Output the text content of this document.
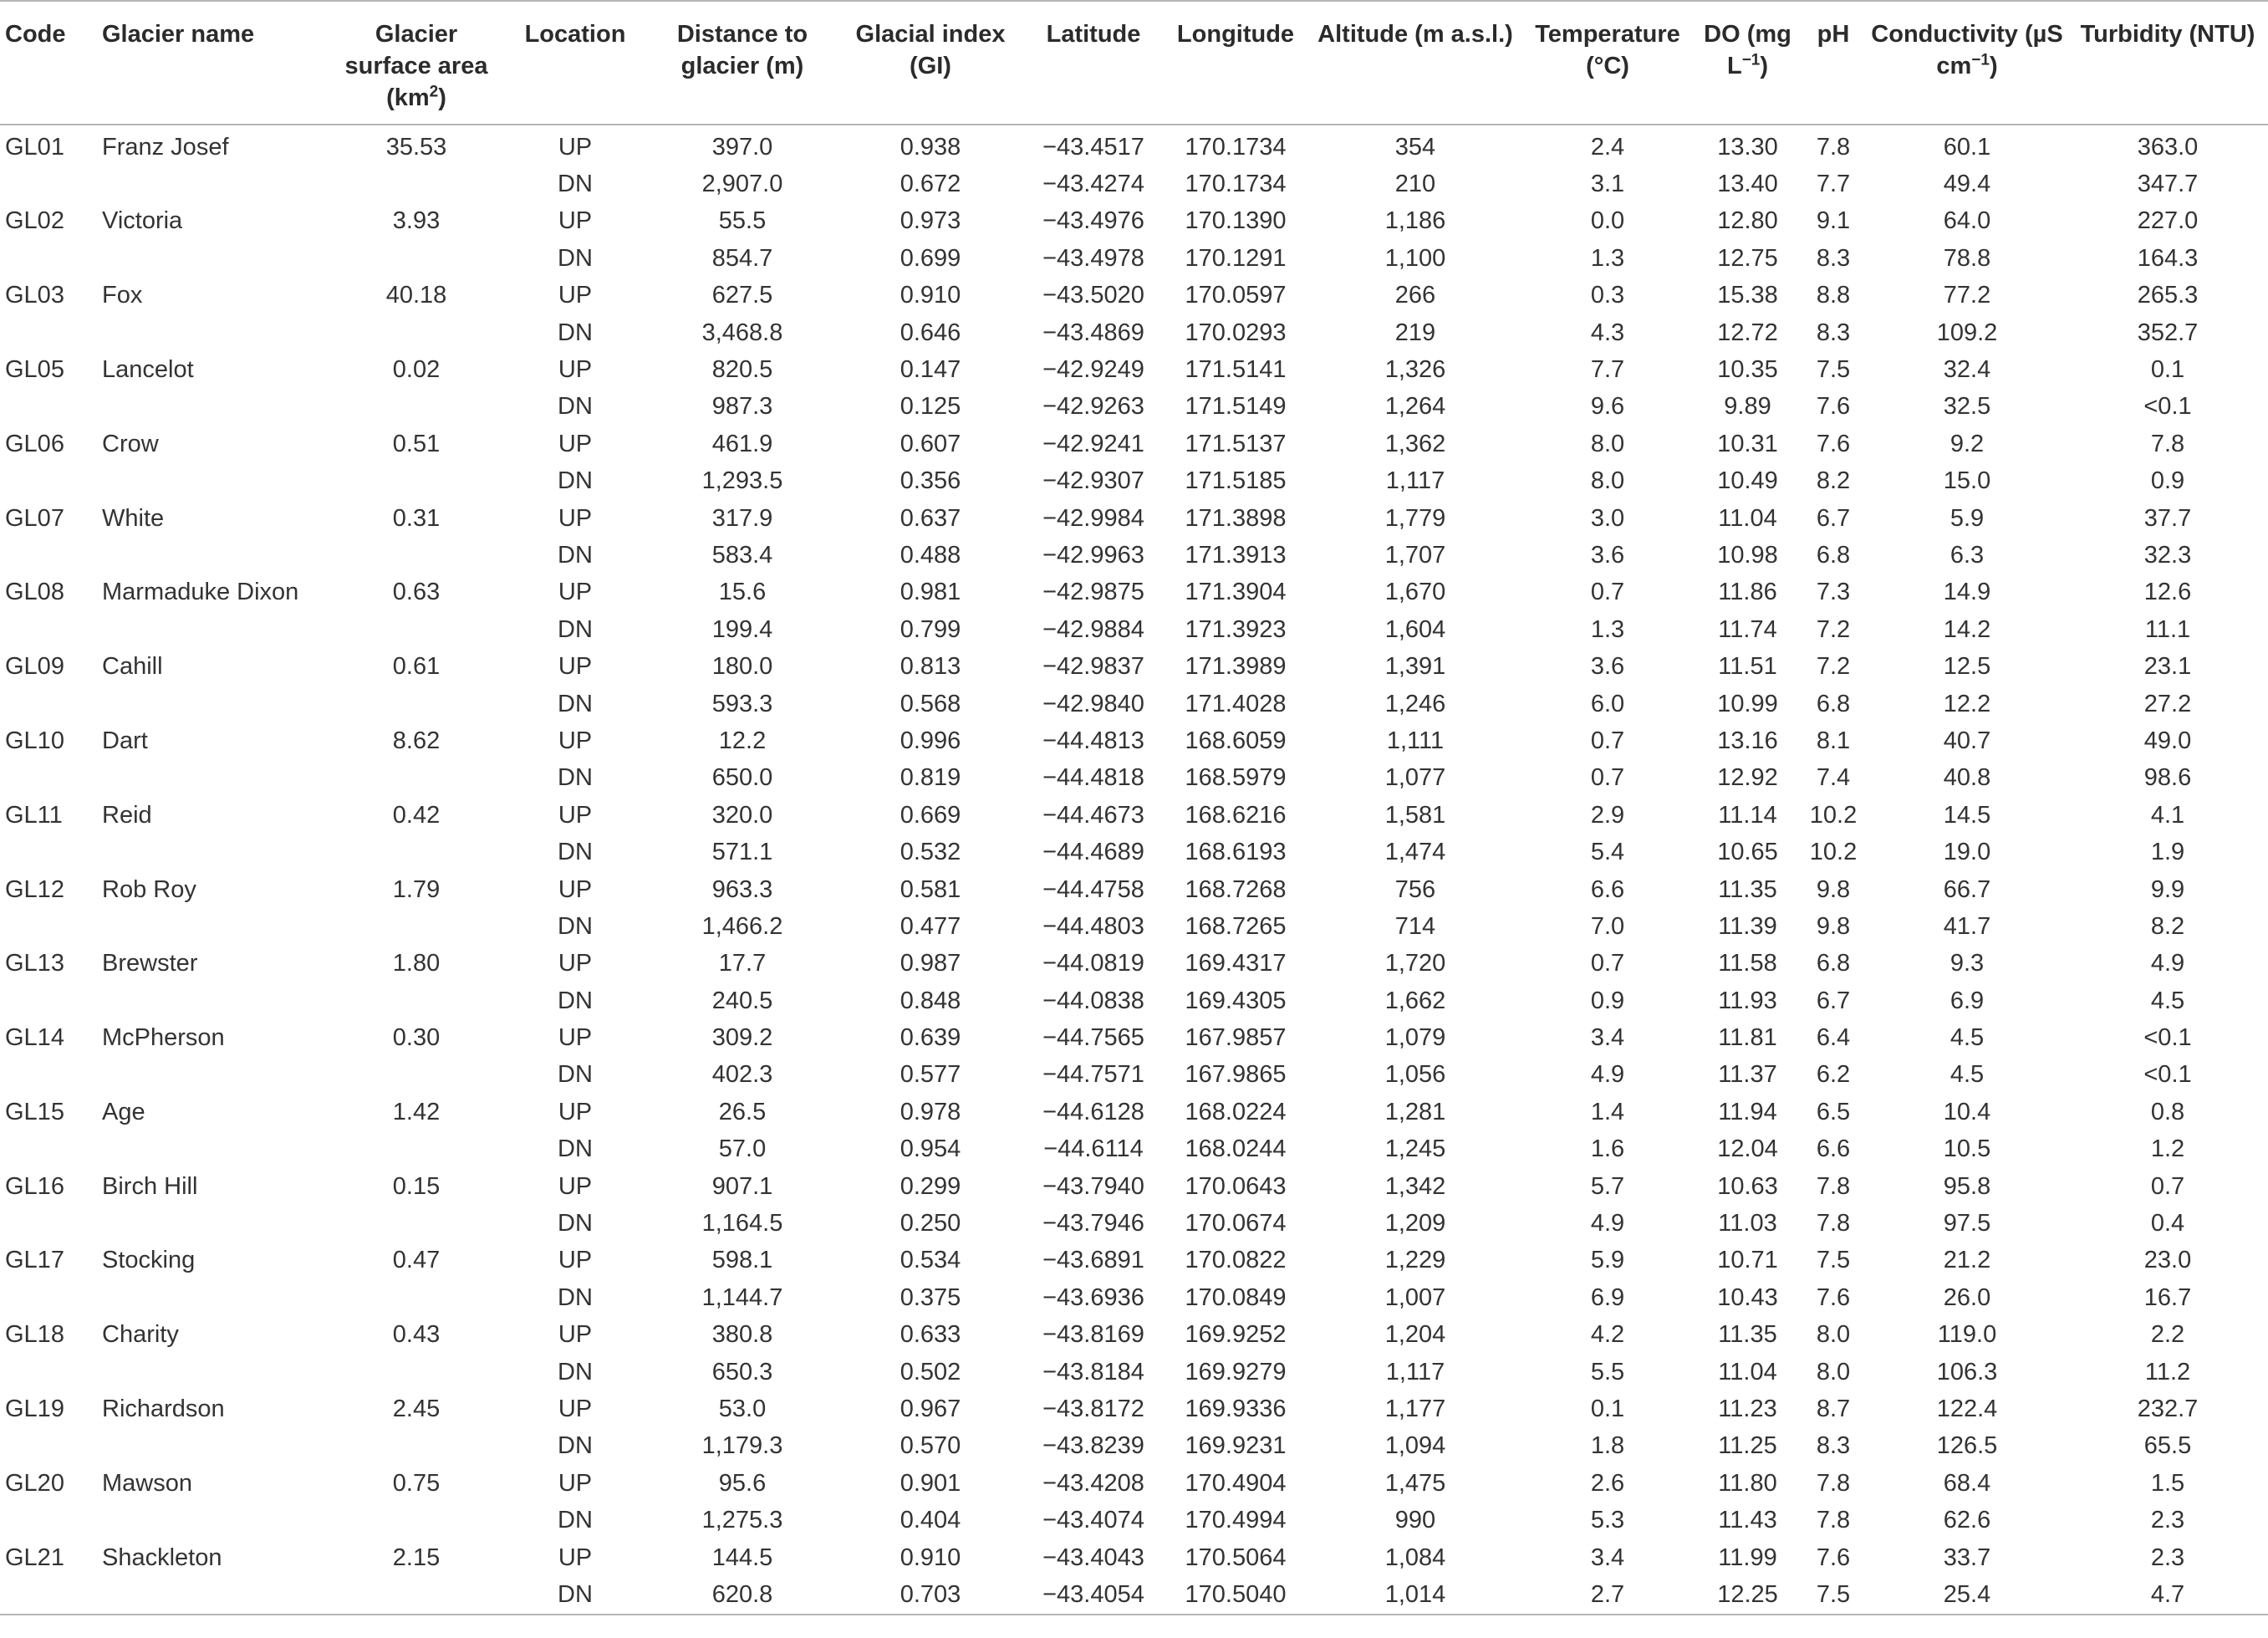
Code	Glacier name	Glacier surface area $(km^2)$	Location	Distance to glacier (m)	Glacial index (GI)	Latitude	Longitude	Altitude (m a.s.l.)	Temperature (°C)	DO (mg $L^{-1}$)	pH	Conductivity (µS $cm^{-1}$)	Turbidity (NTU)
GL01	Franz Josef	35.53	UP	397.0	0.938	−43.4517	170.1734	354	2.4	13.30	7.8	60.1	363.0
			DN	2,907.0	0.672	−43.4274	170.1734	210	3.1	13.40	7.7	49.4	347.7
GL02	Victoria	3.93	UP	55.5	0.973	−43.4976	170.1390	1,186	0.0	12.80	9.1	64.0	227.0
			DN	854.7	0.699	−43.4978	170.1291	1,100	1.3	12.75	8.3	78.8	164.3
GL03	Fox	40.18	UP	627.5	0.910	−43.5020	170.0597	266	0.3	15.38	8.8	77.2	265.3
			DN	3,468.8	0.646	−43.4869	170.0293	219	4.3	12.72	8.3	109.2	352.7
GL05	Lancelot	0.02	UP	820.5	0.147	−42.9249	171.5141	1,326	7.7	10.35	7.5	32.4	0.1
			DN	987.3	0.125	−42.9263	171.5149	1,264	9.6	9.89	7.6	32.5	<0.1
GL06	Crow	0.51	UP	461.9	0.607	−42.9241	171.5137	1,362	8.0	10.31	7.6	9.2	7.8
			DN	1,293.5	0.356	−42.9307	171.5185	1,117	8.0	10.49	8.2	15.0	0.9
GL07	White	0.31	UP	317.9	0.637	−42.9984	171.3898	1,779	3.0	11.04	6.7	5.9	37.7
			DN	583.4	0.488	−42.9963	171.3913	1,707	3.6	10.98	6.8	6.3	32.3
GL08	Marmaduke Dixon	0.63	UP	15.6	0.981	−42.9875	171.3904	1,670	0.7	11.86	7.3	14.9	12.6
			DN	199.4	0.799	−42.9884	171.3923	1,604	1.3	11.74	7.2	14.2	11.1
GL09	Cahill	0.61	UP	180.0	0.813	−42.9837	171.3989	1,391	3.6	11.51	7.2	12.5	23.1
			DN	593.3	0.568	−42.9840	171.4028	1,246	6.0	10.99	6.8	12.2	27.2
GL10	Dart	8.62	UP	12.2	0.996	−44.4813	168.6059	1,111	0.7	13.16	8.1	40.7	49.0
			DN	650.0	0.819	−44.4818	168.5979	1,077	0.7	12.92	7.4	40.8	98.6
GL11	Reid	0.42	UP	320.0	0.669	−44.4673	168.6216	1,581	2.9	11.14	10.2	14.5	4.1
			DN	571.1	0.532	−44.4689	168.6193	1,474	5.4	10.65	10.2	19.0	1.9
GL12	Rob Roy	1.79	UP	963.3	0.581	−44.4758	168.7268	756	6.6	11.35	9.8	66.7	9.9
			DN	1,466.2	0.477	−44.4803	168.7265	714	7.0	11.39	9.8	41.7	8.2
GL13	Brewster	1.80	UP	17.7	0.987	−44.0819	169.4317	1,720	0.7	11.58	6.8	9.3	4.9
			DN	240.5	0.848	−44.0838	169.4305	1,662	0.9	11.93	6.7	6.9	4.5
GL14	McPherson	0.30	UP	309.2	0.639	−44.7565	167.9857	1,079	3.4	11.81	6.4	4.5	<0.1
			DN	402.3	0.577	−44.7571	167.9865	1,056	4.9	11.37	6.2	4.5	<0.1
GL15	Age	1.42	UP	26.5	0.978	−44.6128	168.0224	1,281	1.4	11.94	6.5	10.4	0.8
			DN	57.0	0.954	−44.6114	168.0244	1,245	1.6	12.04	6.6	10.5	1.2
GL16	Birch Hill	0.15	UP	907.1	0.299	−43.7940	170.0643	1,342	5.7	10.63	7.8	95.8	0.7
			DN	1,164.5	0.250	−43.7946	170.0674	1,209	4.9	11.03	7.8	97.5	0.4
GL17	Stocking	0.47	UP	598.1	0.534	−43.6891	170.0822	1,229	5.9	10.71	7.5	21.2	23.0
			DN	1,144.7	0.375	−43.6936	170.0849	1,007	6.9	10.43	7.6	26.0	16.7
GL18	Charity	0.43	UP	380.8	0.633	−43.8169	169.9252	1,204	4.2	11.35	8.0	119.0	2.2
			DN	650.3	0.502	−43.8184	169.9279	1,117	5.5	11.04	8.0	106.3	11.2
GL19	Richardson	2.45	UP	53.0	0.967	−43.8172	169.9336	1,177	0.1	11.23	8.7	122.4	232.7
			DN	1,179.3	0.570	−43.8239	169.9231	1,094	1.8	11.25	8.3	126.5	65.5
GL20	Mawson	0.75	UP	95.6	0.901	−43.4208	170.4904	1,475	2.6	11.80	7.8	68.4	1.5
			DN	1,275.3	0.404	−43.4074	170.4994	990	5.3	11.43	7.8	62.6	2.3
GL21	Shackleton	2.15	UP	144.5	0.910	−43.4043	170.5064	1,084	3.4	11.99	7.6	33.7	2.3
			DN	620.8	0.703	−43.4054	170.5040	1,014	2.7	12.25	7.5	25.4	4.7
